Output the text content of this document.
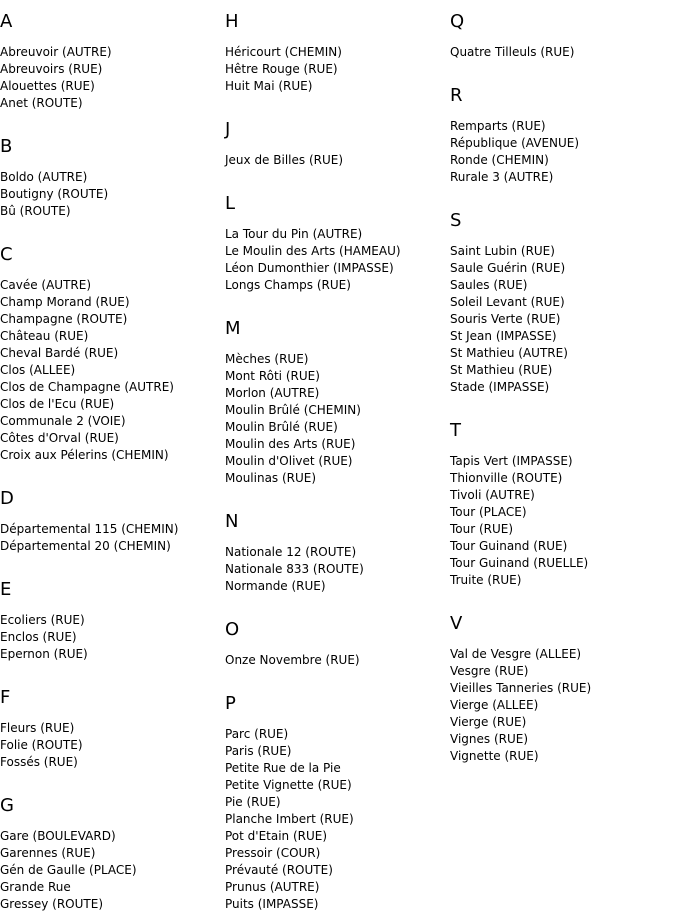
A
Abreuvoir (AUTRE)
Abreuvoirs (RUE)
Alouettes (RUE)
Anet (ROUTE)
B
Boldo (AUTRE)
Boutigny (ROUTE)
Bû (ROUTE)
C
Cavée (AUTRE)
Champ Morand (RUE)
Champagne (ROUTE)
Château (RUE)
Cheval Bardé (RUE)
Clos (ALLEE)
Clos de Champagne (AUTRE)
Clos de l'Ecu (RUE)
Communale 2 (VOIE)
Côtes d'Orval (RUE)
Croix aux Pélerins (CHEMIN)
D
Départemental 115 (CHEMIN)
Départemental 20 (CHEMIN)
E
Ecoliers (RUE)
Enclos (RUE)
Epernon (RUE)
F
Fleurs (RUE)
Folie (ROUTE)
Fossés (RUE)
G
Gare (BOULEVARD)
Garennes (RUE)
Gén de Gaulle (PLACE)
Grande Rue
Gressey (ROUTE)
H
Héricourt (CHEMIN)
Hêtre Rouge (RUE)
Huit Mai (RUE)
J
Jeux de Billes (RUE)
L
La Tour du Pin (AUTRE)
Le Moulin des Arts (HAMEAU)
Léon Dumonthier (IMPASSE)
Longs Champs (RUE)
M
Mèches (RUE)
Mont Rôti (RUE)
Morlon (AUTRE)
Moulin Brûlé (CHEMIN)
Moulin Brûlé (RUE)
Moulin des Arts (RUE)
Moulin d'Olivet (RUE)
Moulinas (RUE)
N
Nationale 12 (ROUTE)
Nationale 833 (ROUTE)
Normande (RUE)
O
Onze Novembre (RUE)
P
Parc (RUE)
Paris (RUE)
Petite Rue de la Pie
Petite Vignette (RUE)
Pie (RUE)
Planche Imbert (RUE)
Pot d'Etain (RUE)
Pressoir (COUR)
Prévauté (ROUTE)
Prunus (AUTRE)
Puits (IMPASSE)
Q
Quatre Tilleuls (RUE)
R
Remparts (RUE)
République (AVENUE)
Ronde (CHEMIN)
Rurale 3 (AUTRE)
S
Saint Lubin (RUE)
Saule Guérin (RUE)
Saules (RUE)
Soleil Levant (RUE)
Souris Verte (RUE)
St Jean (IMPASSE)
St Mathieu (AUTRE)
St Mathieu (RUE)
Stade (IMPASSE)
T
Tapis Vert (IMPASSE)
Thionville (ROUTE)
Tivoli (AUTRE)
Tour (PLACE)
Tour (RUE)
Tour Guinand (RUE)
Tour Guinand (RUELLE)
Truite (RUE)
V
Val de Vesgre (ALLEE)
Vesgre (RUE)
Vieilles Tanneries (RUE)
Vierge (ALLEE)
Vierge (RUE)
Vignes (RUE)
Vignette (RUE)
